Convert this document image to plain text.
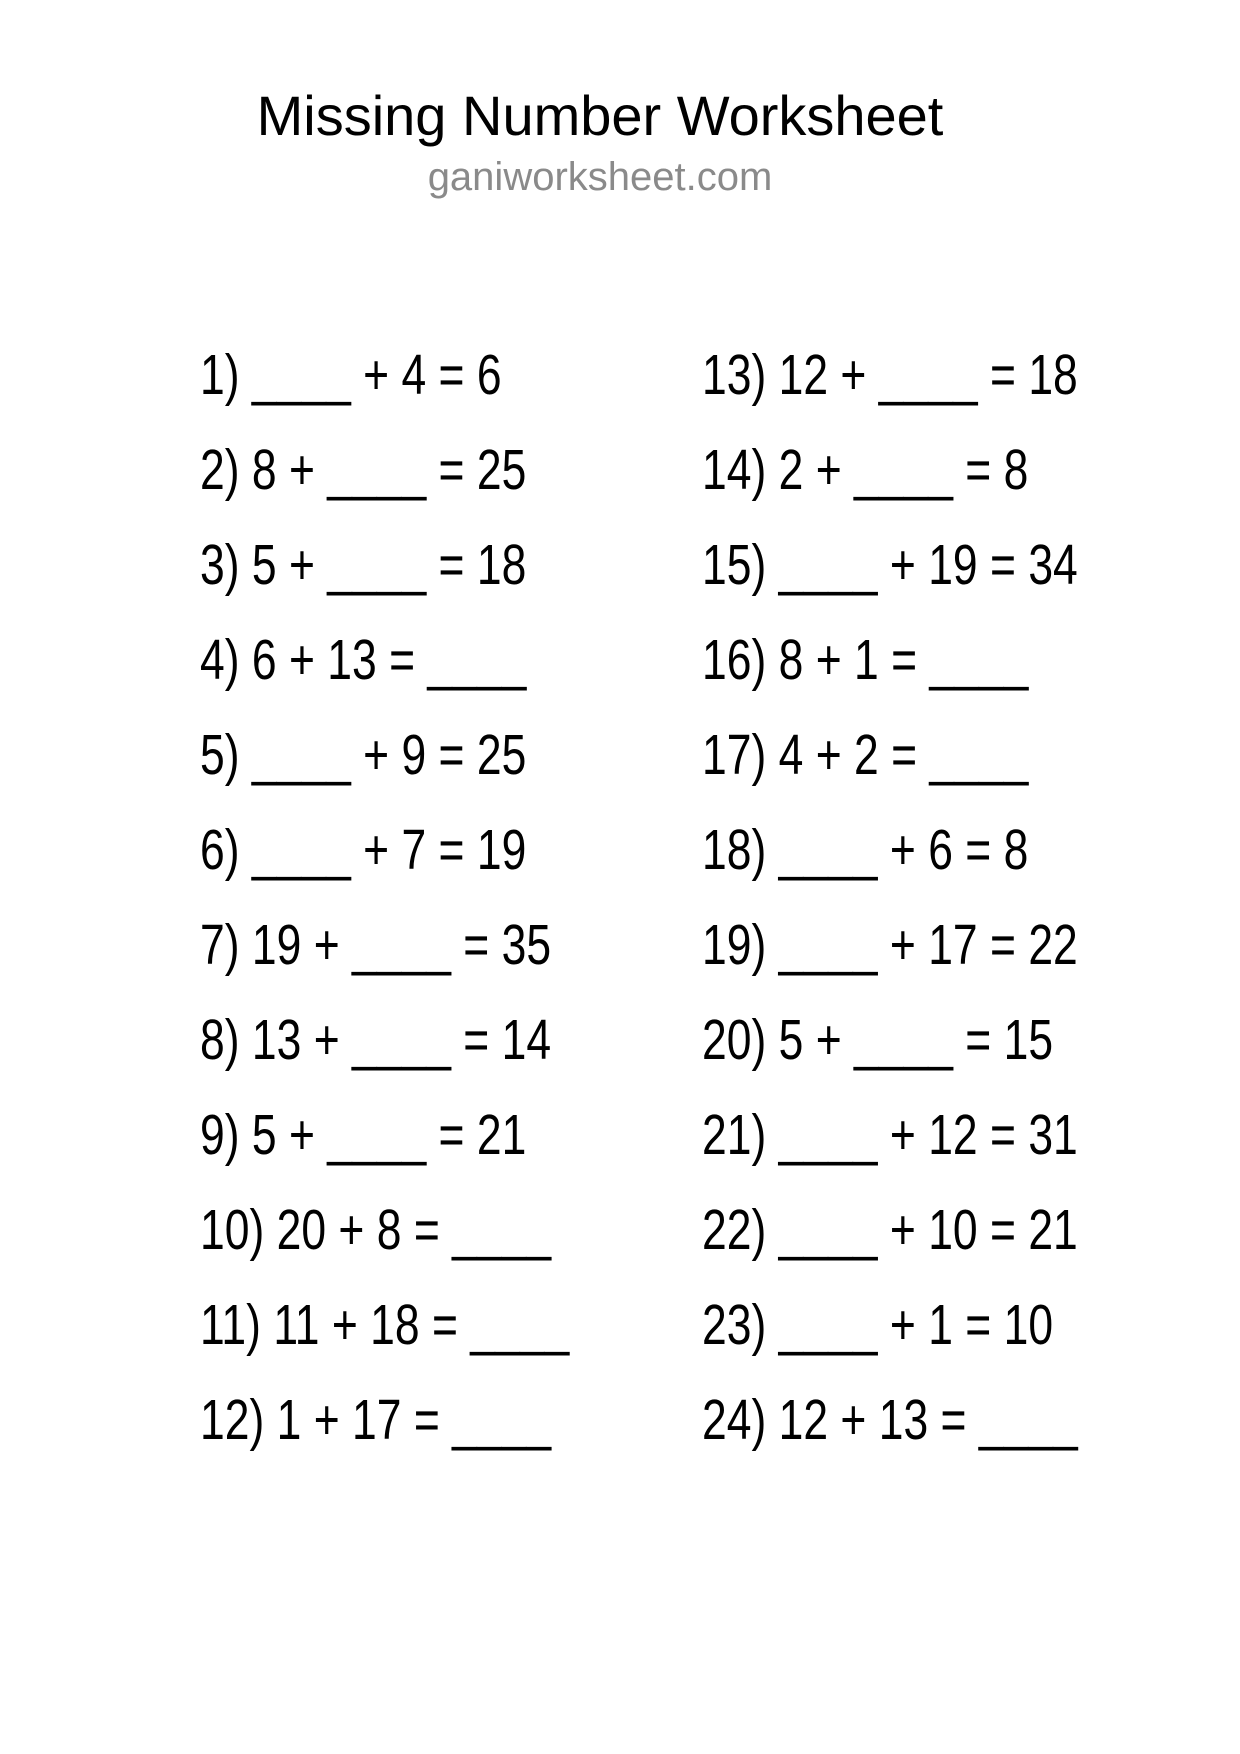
Missing Number Worksheet
ganiworksheet.com
1) ____ + 4 = 6
2) 8 + ____ = 25
3) 5 + ____ = 18
4) 6 + 13 = ____
5) ____ + 9 = 25
6) ____ + 7 = 19
7) 19 + ____ = 35
8) 13 + ____ = 14
9) 5 + ____ = 21
10) 20 + 8 = ____
11) 11 + 18 = ____
12) 1 + 17 = ____
13) 12 + ____ = 18
14) 2 + ____ = 8
15) ____ + 19 = 34
16) 8 + 1 = ____
17) 4 + 2 = ____
18) ____ + 6 = 8
19) ____ + 17 = 22
20) 5 + ____ = 15
21) ____ + 12 = 31
22) ____ + 10 = 21
23) ____ + 1 = 10
24) 12 + 13 = ____
